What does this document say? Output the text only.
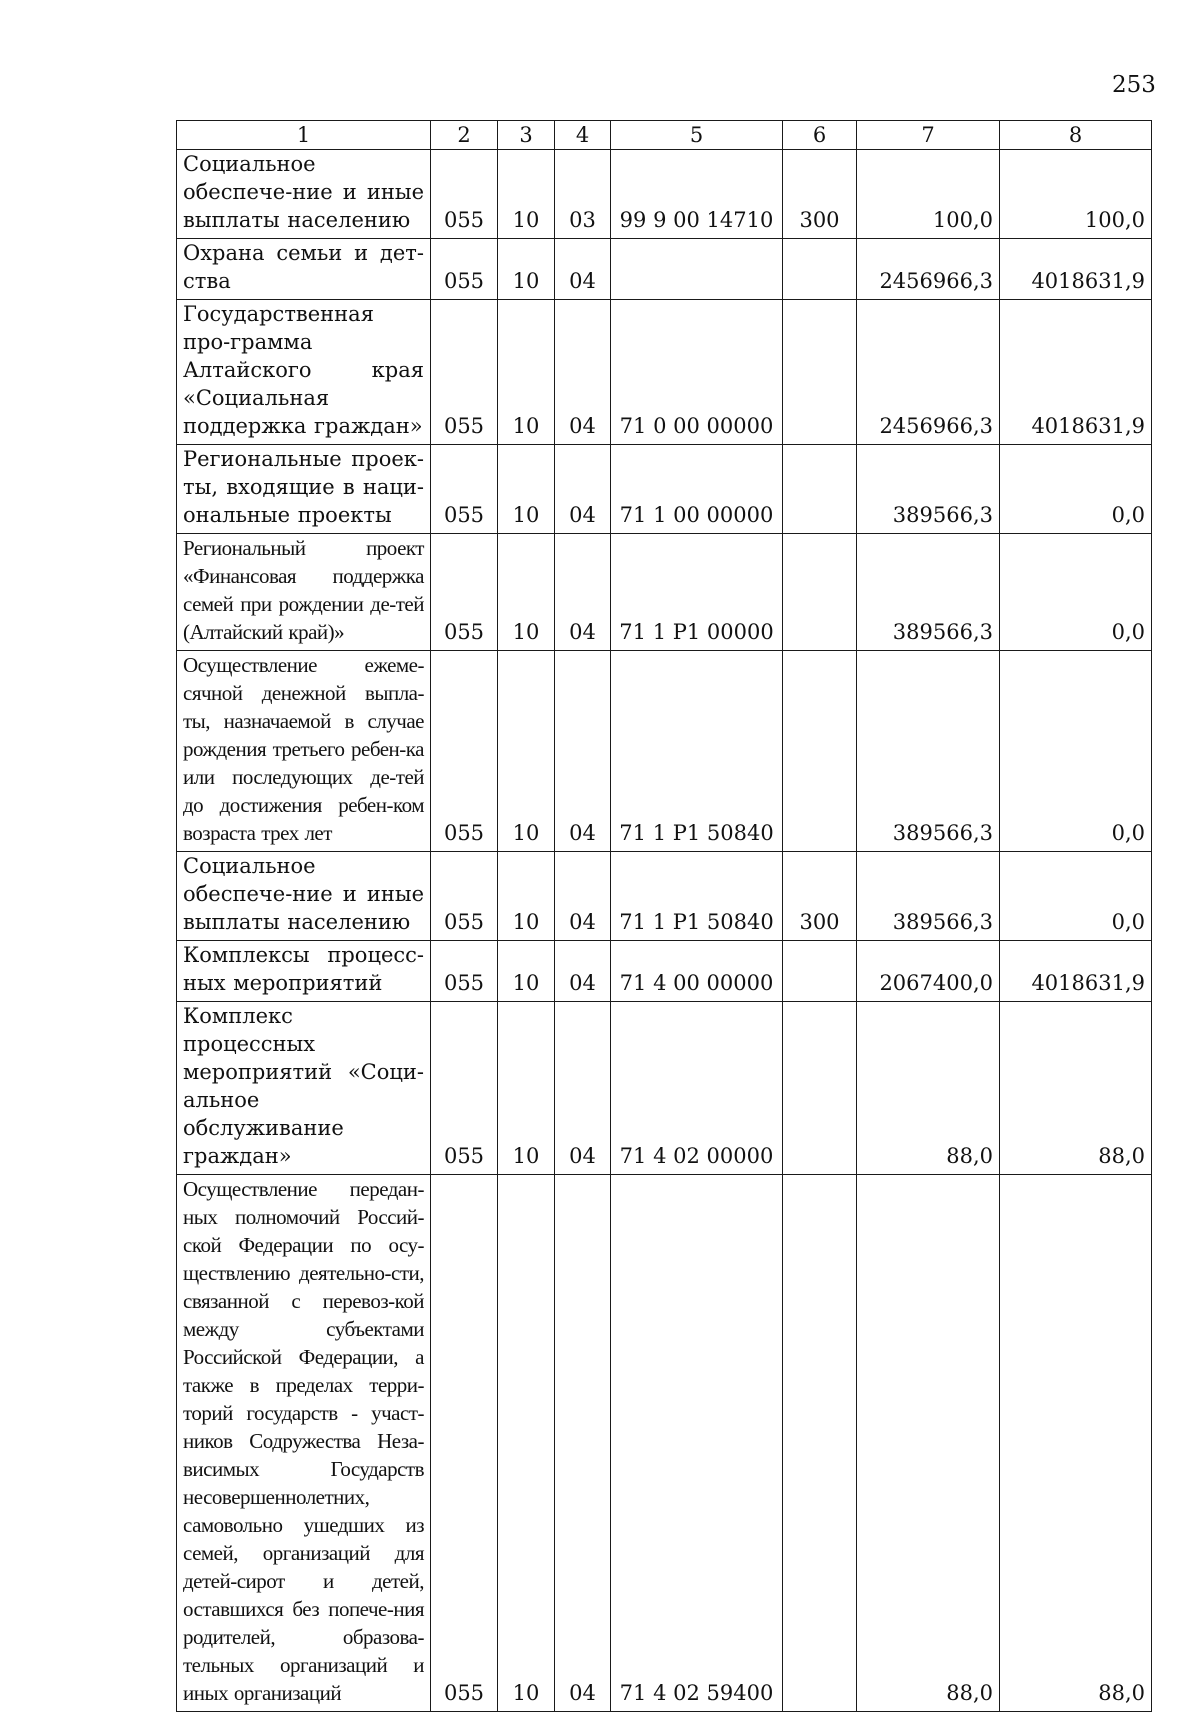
253
1	2	3	4	5	6	7	8
Социальное обеспече-ние и иные выплаты населению	055	10	03	99 9 00 14710	300	100,0	100,0
Охрана семьи и дет-ства	055	10	04			2456966,3	4018631,9
Государственная про-грамма Алтайского края «Социальная поддержка граждан»	055	10	04	71 0 00 00000		2456966,3	4018631,9
Региональные проек-ты, входящие в наци-ональные проекты	055	10	04	71 1 00 00000		389566,3	0,0
Региональный проект «Финансовая поддержка семей при рождении де-тей (Алтайский край)»	055	10	04	71 1 P1 00000		389566,3	0,0
Осуществление ежеме-сячной денежной выпла-ты, назначаемой в случае рождения третьего ребен-ка или последующих де-тей до достижения ребен-ком возраста трех лет	055	10	04	71 1 P1 50840		389566,3	0,0
Социальное обеспече-ние и иные выплаты населению	055	10	04	71 1 P1 50840	300	389566,3	0,0
Комплексы процесс-ных мероприятий	055	10	04	71 4 00 00000		2067400,0	4018631,9
Комплекс процессных мероприятий «Соци-альное обслуживание граждан»	055	10	04	71 4 02 00000		88,0	88,0
Осуществление передан-ных полномочий Россий-ской Федерации по осу-ществлению деятельно-сти, связанной с перевоз-кой между субъектами Российской Федерации, а также в пределах терри-торий государств - участ-ников Содружества Неза-висимых Государств несовершеннолетних, самовольно ушедших из семей, организаций для детей-сирот и детей, оставшихся без попече-ния родителей, образова-тельных организаций и иных организаций	055	10	04	71 4 02 59400		88,0	88,0
